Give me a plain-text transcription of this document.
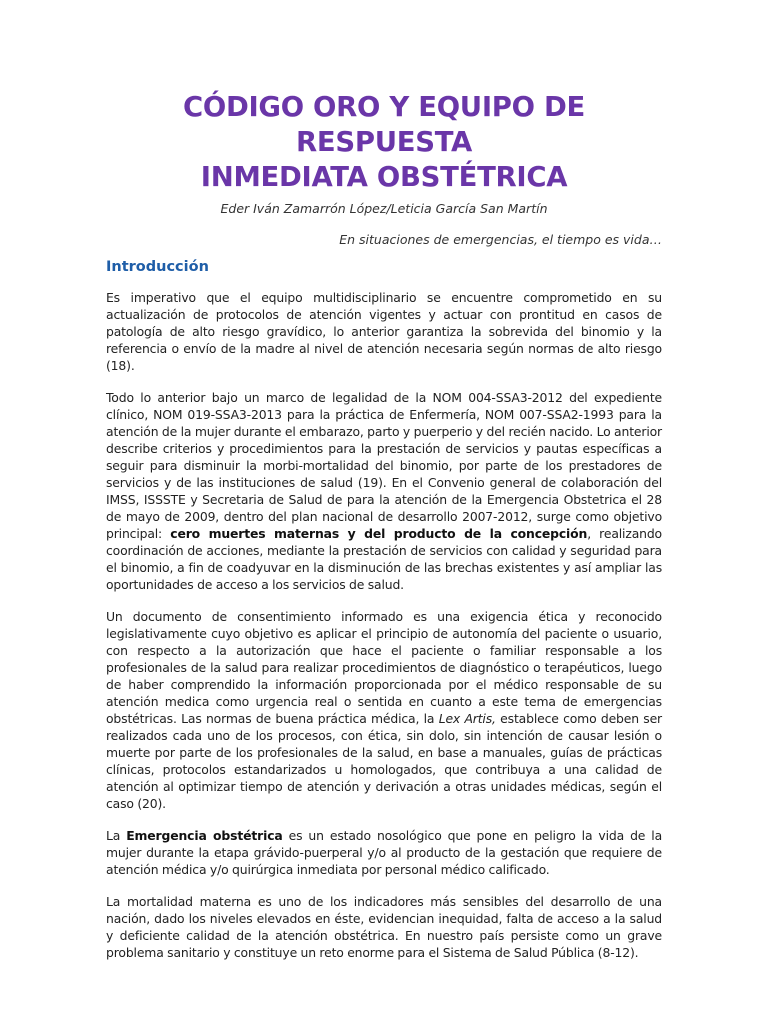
CÓDIGO ORO Y EQUIPO DE RESPUESTA
INMEDIATA OBSTÉTRICA

Eder Iván Zamarrón López/Leticia García San Martín

En situaciones de emergencias, el tiempo es vida…

Introducción

Es imperativo que el equipo multidisciplinario se encuentre comprometido en su actualización de protocolos de atención vigentes y actuar con prontitud en casos de patología de alto riesgo gravídico, lo anterior garantiza la sobrevida del binomio y la referencia o envío de la madre al nivel de atención necesaria según normas de alto riesgo (18).

Todo lo anterior bajo un marco de legalidad de la NOM 004-SSA3-2012 del expediente clínico, NOM 019-SSA3-2013 para la práctica de Enfermería, NOM 007-SSA2-1993 para la atención de la mujer durante el embarazo, parto y puerperio y del recién nacido. Lo anterior describe criterios y procedimientos para la prestación de servicios y pautas específicas a seguir para disminuir la morbi-mortalidad del binomio, por parte de los prestadores de servicios y de las instituciones de salud (19). En el Convenio general de colaboración del IMSS, ISSSTE y Secretaria de Salud de para la atención de la Emergencia Obstetrica el 28 de mayo de 2009, dentro del plan nacional de desarrollo 2007-2012, surge como objetivo principal: cero muertes maternas y del producto de la concepción, realizando coordinación de acciones, mediante la prestación de servicios con calidad y seguridad para el binomio, a fin de coadyuvar en la disminución de las brechas existentes y así ampliar las oportunidades de acceso a los servicios de salud.

Un documento de consentimiento informado es una exigencia ética y reconocido legislativamente cuyo objetivo es aplicar el principio de autonomía del paciente o usuario, con respecto a la autorización que hace el paciente o familiar responsable a los profesionales de la salud para realizar procedimientos de diagnóstico o terapéuticos, luego de haber comprendido la información proporcionada por el médico responsable de su atención medica como urgencia real o sentida en cuanto a este tema de emergencias obstétricas. Las normas de buena práctica médica, la Lex Artis, establece como deben ser realizados cada uno de los procesos, con ética, sin dolo, sin intención de causar lesión o muerte por parte de los profesionales de la salud, en base a manuales, guías de prácticas clínicas, protocolos estandarizados u homologados, que contribuya a una calidad de atención al optimizar tiempo de atención y derivación a otras unidades médicas, según el caso (20).

La Emergencia obstétrica es un estado nosológico que pone en peligro la vida de la mujer durante la etapa grávido-puerperal y/o al producto de la gestación que requiere de atención médica y/o quirúrgica inmediata por personal médico calificado.

La mortalidad materna es uno de los indicadores más sensibles del desarrollo de una nación, dado los niveles elevados en éste, evidencian inequidad, falta de acceso a la salud y deficiente calidad de la atención obstétrica. En nuestro país persiste como un grave problema sanitario y constituye un reto enorme para el Sistema de Salud Pública (8-12).
